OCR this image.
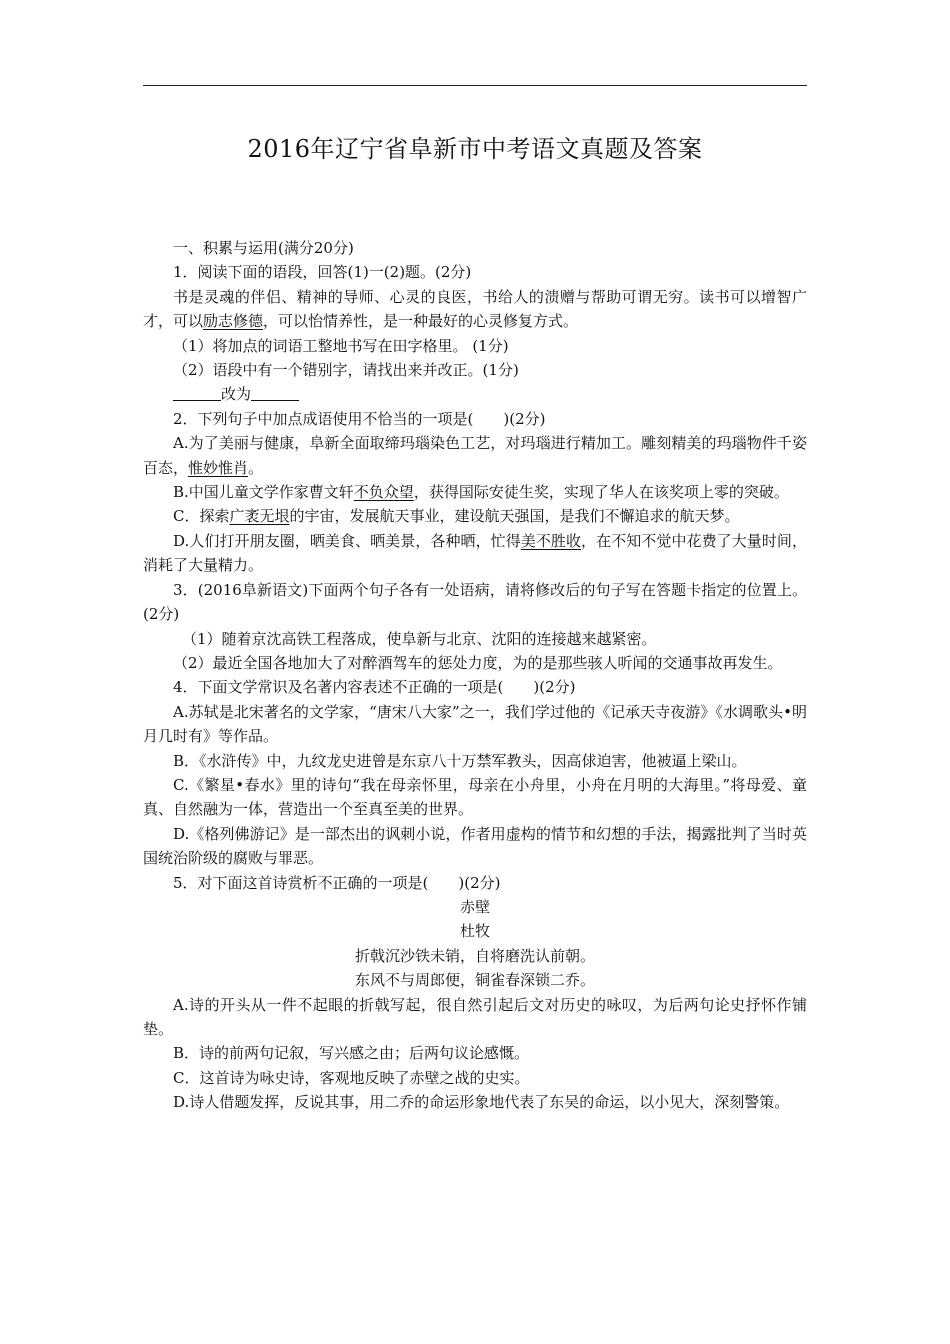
2016年辽宁省阜新市中考语文真题及答案

一、积累与运用(满分20分)

1．阅读下面的语段，回答(1)一(2)题。(2分)

书是灵魂的伴侣、精神的导师、心灵的良医，书给人的溃赠与帮助可谓无穷。读书可以增智广才，可以励志修德，可以怡情养性，是一种最好的心灵修复方式。

（1）将加点的词语工整地书写在田字格里。 (1分)

（2）语段中有一个错别字，请找出来并改正。(1分)

改为

2．下列句子中加点成语使用不恰当的一项是(　　)(2分)

A.为了美丽与健康，阜新全面取缔玛瑙染色工艺，对玛瑙进行精加工。雕刻精美的玛瑙物件千姿百态，惟妙惟肖。

B.中国儿童文学作家曹文轩不负众望，获得国际安徒生奖，实现了华人在该奖项上零的突破。

C．探索广袤无垠的宇宙，发展航天事业，建设航天强国，是我们不懈追求的航天梦。

D.人们打开朋友圈，晒美食、晒美景，各种晒，忙得美不胜收，在不知不觉中花费了大量时间，消耗了大量精力。

3．(2016阜新语文)下面两个句子各有一处语病，请将修改后的句子写在答题卡指定的位置上。(2分)

（1）随着京沈高铁工程落成，使阜新与北京、沈阳的连接越来越紧密。

（2）最近全国各地加大了对醉酒驾车的惩处力度，为的是那些骇人听闻的交通事故再发生。

4．下面文学常识及名著内容表述不正确的一项是(　　)(2分)

A.苏轼是北宋著名的文学家，“唐宋八大家”之一，我们学过他的《记承天寺夜游》《水调歌头•明月几时有》等作品。

B．《水浒传》中，九纹龙史进曾是东京八十万禁军教头，因高俅迫害，他被逼上梁山。

C.《繁星•春水》里的诗句“我在母亲怀里，母亲在小舟里，小舟在月明的大海里。”将母爱、童真、自然融为一体，营造出一个至真至美的世界。

D.《格列佛游记》是一部杰出的讽刺小说，作者用虚构的情节和幻想的手法，揭露批判了当时英国统治阶级的腐败与罪恶。

5．对下面这首诗赏析不正确的一项是(　　)(2分)

赤壁

杜牧

折戟沉沙铁未销，自将磨洗认前朝。

东风不与周郎便，铜雀春深锁二乔。

A.诗的开头从一件不起眼的折戟写起，很自然引起后文对历史的咏叹，为后两句论史抒怀作铺垫。

B．诗的前两句记叙，写兴感之由；后两句议论感慨。

C．这首诗为咏史诗，客观地反映了赤壁之战的史实。

D.诗人借题发挥，反说其事，用二乔的命运形象地代表了东吴的命运，以小见大，深刻警策。
